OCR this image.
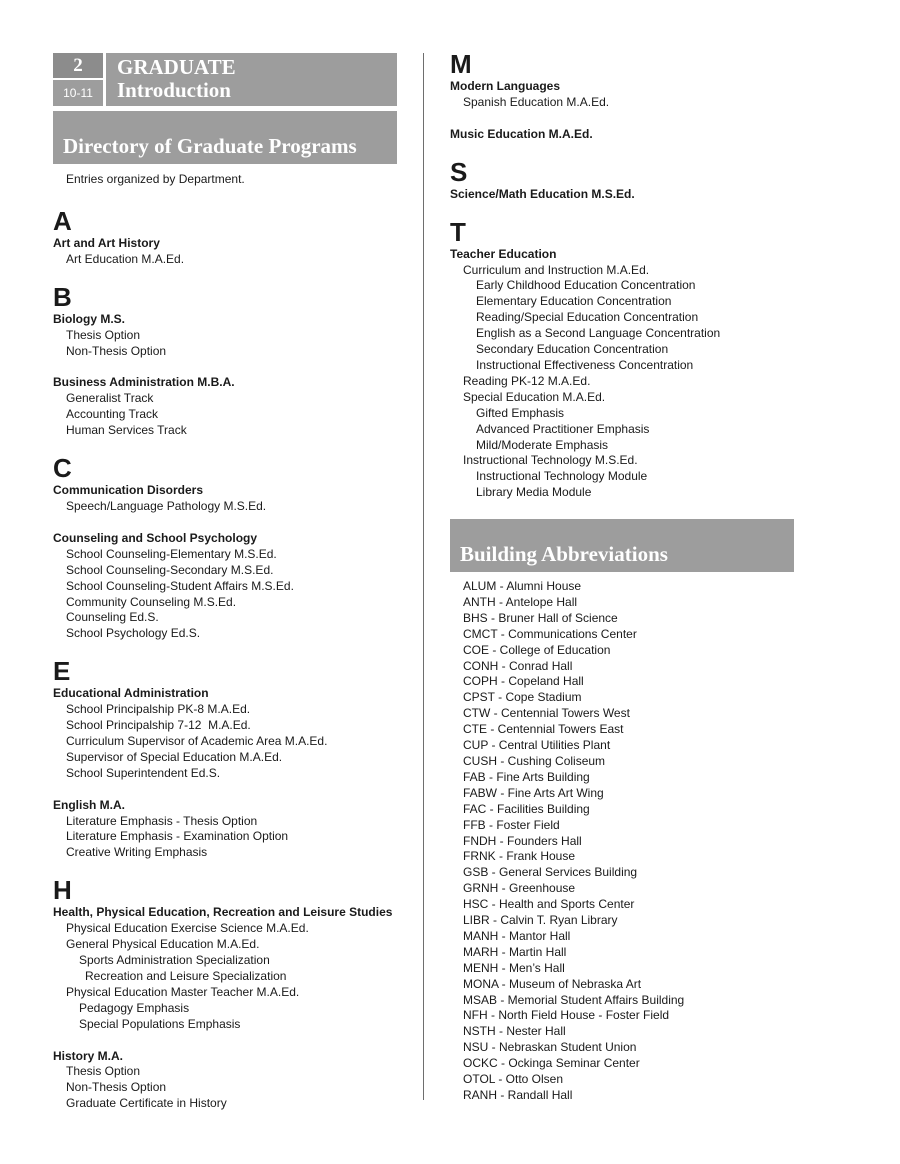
2
10-11
GRADUATE
Introduction
Directory of Graduate Programs
Entries organized by Department.
A
Art and Art History
Art Education M.A.Ed.
B
Biology M.S.
Thesis Option
Non-Thesis Option
Business Administration M.B.A.
Generalist Track
Accounting Track
Human Services Track
C
Communication Disorders
Speech/Language Pathology M.S.Ed.
Counseling and School Psychology
School Counseling-Elementary M.S.Ed.
School Counseling-Secondary M.S.Ed.
School Counseling-Student Affairs M.S.Ed.
Community Counseling M.S.Ed.
Counseling Ed.S.
School Psychology Ed.S.
E
Educational Administration
School Principalship PK-8 M.A.Ed.
School Principalship 7-12  M.A.Ed.
Curriculum Supervisor of Academic Area M.A.Ed.
Supervisor of Special Education M.A.Ed.
School Superintendent Ed.S.
English M.A.
Literature Emphasis - Thesis Option
Literature Emphasis - Examination Option
Creative Writing Emphasis
H
Health, Physical Education, Recreation and Leisure Studies
Physical Education Exercise Science M.A.Ed.
General Physical Education M.A.Ed.
Sports Administration Specialization
Recreation and Leisure Specialization
Physical Education Master Teacher M.A.Ed.
Pedagogy Emphasis
Special Populations Emphasis
History M.A.
Thesis Option
Non-Thesis Option
Graduate Certificate in History
M
Modern Languages
Spanish Education M.A.Ed.
Music Education M.A.Ed.
S
Science/Math Education M.S.Ed.
T
Teacher Education
Curriculum and Instruction M.A.Ed.
Early Childhood Education Concentration
Elementary Education Concentration
Reading/Special Education Concentration
English as a Second Language Concentration
Secondary Education Concentration
Instructional Effectiveness Concentration
Reading PK-12 M.A.Ed.
Special Education M.A.Ed.
Gifted Emphasis
Advanced Practitioner Emphasis
Mild/Moderate Emphasis
Instructional Technology M.S.Ed.
Instructional Technology Module
Library Media Module
Building Abbreviations
ALUM - Alumni House
ANTH - Antelope Hall
BHS - Bruner Hall of Science
CMCT - Communications Center
COE - College of Education
CONH - Conrad Hall
COPH - Copeland Hall
CPST - Cope Stadium
CTW - Centennial Towers West
CTE - Centennial Towers East
CUP - Central Utilities Plant
CUSH - Cushing Coliseum
FAB - Fine Arts Building
FABW - Fine Arts Art Wing
FAC - Facilities Building
FFB - Foster Field
FNDH - Founders Hall
FRNK - Frank House
GSB - General Services Building
GRNH - Greenhouse
HSC - Health and Sports Center
LIBR - Calvin T. Ryan Library
MANH - Mantor Hall
MARH - Martin Hall
MENH - Men’s Hall
MONA - Museum of Nebraska Art
MSAB - Memorial Student Affairs Building
NFH - North Field House - Foster Field
NSTH - Nester Hall
NSU - Nebraskan Student Union
OCKC - Ockinga Seminar Center
OTOL - Otto Olsen
RANH - Randall Hall
